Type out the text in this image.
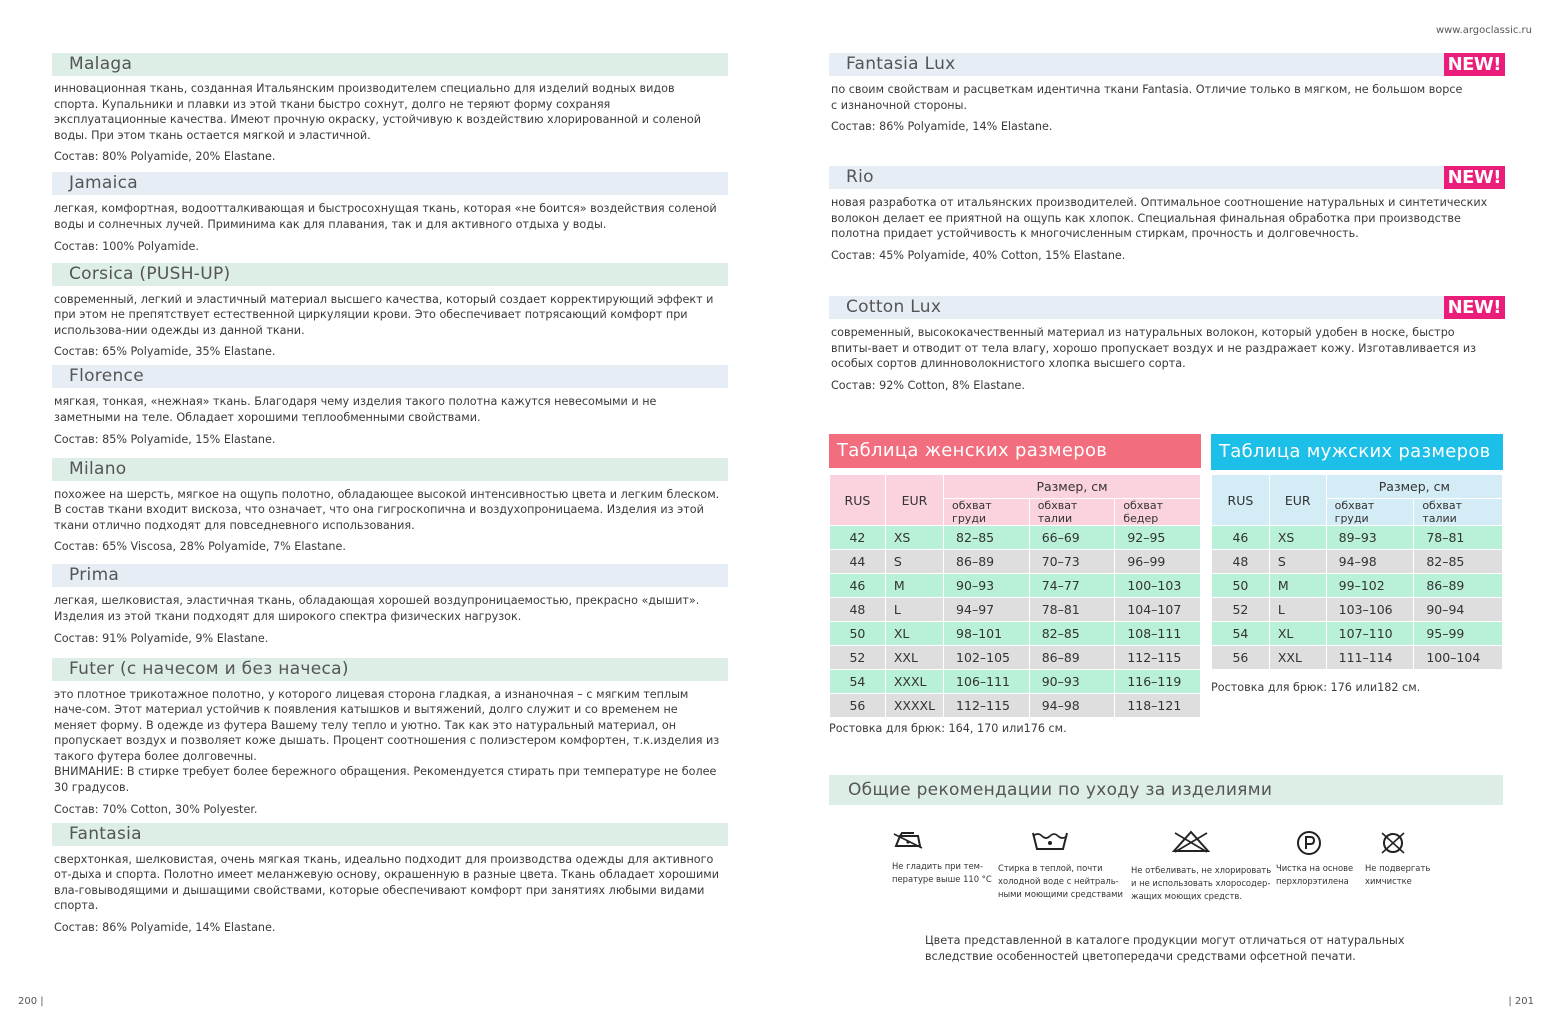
www.argoclassic.ru
200 |	| 201
Malaga
инновационная ткань, созданная Итальянским производителем специально для изделий водных видов спорта. Купальники и плавки из этой ткани быстро сохнут, долго не теряют форму сохраняя эксплуатационные качества. Имеют прочную окраску, устойчивую к воздействию хлорированной и соленой воды. При этом ткань остается мягкой и эластичной.
Состав: 80% Polyamide, 20% Elastane.
Jamaica
легкая, комфортная, водоотталкивающая и быстросохнущая ткань, которая «не боится» воздействия соленой воды и солнечных лучей. Приминима как для плавания, так и для активного отдыха у воды.
Состав: 100% Polyamide.
Corsica (PUSH-UP)
современный, легкий и эластичный материал высшего качества, который создает корректирующий эффект и при этом не препятствует естественной циркуляции крови. Это обеспечивает потрясающий комфорт при использова-нии одежды из данной ткани.
Состав: 65% Polyamide, 35% Elastane.
Florence
мягкая, тонкая, «нежная» ткань. Благодаря чему изделия такого полотна кажутся невесомыми и не заметными на теле. Обладает хорошими теплообменными свойствами.
Состав: 85% Polyamide, 15% Elastane.
Milano
похожее на шерсть, мягкое на ощупь полотно, обладающее высокой интенсивностью цвета и легким блеском. В состав ткани входит вискоза, что означает, что она гигроскопична и воздухопроницаема. Изделия из этой ткани отлично подходят для повседневного использования.
Состав: 65% Viscosa, 28% Polyamide, 7% Elastane.
Prima
легкая, шелковистая, эластичная ткань, обладающая хорошей воздупроницаемостью, прекрасно «дышит». Изделия из этой ткани подходят для широкого спектра физических нагрузок.
Состав: 91% Polyamide, 9% Elastane.
Futer (с начесом и без начеса)
это плотное трикотажное полотно, у которого лицевая сторона гладкая, а изнаночная – с мягким теплым наче-сом. Этот материал устойчив к появления катышков и вытяжений, долго служит и со временем не меняет форму. В одежде из футера Вашему телу тепло и уютно. Так как это натуральный материал, он пропускает воздух и позволяет коже дышать. Процент соотношения с полиэстером комфортен, т.к.изделия из такого футера более долговечны.
ВНИМАНИЕ: В стирке требует более бережного обращения. Рекомендуется стирать при температуре не более 30 градусов.
Состав: 70% Cotton, 30% Polyester.
Fantasia
сверхтонкая, шелковистая, очень мягкая ткань, идеально подходит для производства одежды для активного от-дыха и спорта. Полотно имеет меланжевую основу, окрашенную в разные цвета. Ткань обладает хорошими вла-говыводящими и дышащими свойствами, которые обеспечивают комфорт при занятиях любыми видами спорта.
Состав: 86% Polyamide, 14% Elastane.
Fantasia Lux	NEW!
по своим свойствам и расцветкам идентична ткани Fantasia. Отличие только в мягком, не большом ворсе с изнаночной стороны.
Состав: 86% Polyamide, 14% Elastane.
Rio	NEW!
новая разработка от итальянских производителей. Оптимальное соотношение натуральных и синтетических волокон делает ее приятной на ощупь как хлопок. Специальная финальная обработка при производстве полотна придает устойчивость к многочисленным стиркам, прочность и долговечность.
Состав: 45% Polyamide, 40% Cotton, 15% Elastane.
Cotton Lux	NEW!
современный, высококачественный материал из натуральных волокон, который удобен в носке, быстро впиты-вает и отводит от тела влагу, хорошо пропускает воздух и не раздражает кожу. Изготавливается из особых сортов длинноволокнистого хлопка высшего сорта.
Состав: 92% Cotton, 8% Elastane.
Таблица женских размеров
RUS	EUR	Размер, см		
		обхват груди	обхват талии	обхват бедер
42	XS	82–85	66–69	92–95
44	S	86–89	70–73	96–99
46	M	90–93	74–77	100–103
48	L	94–97	78–81	104–107
50	XL	98–101	82–85	108–111
52	XXL	102–105	86–89	112–115
54	XXXL	106–111	90–93	116–119
56	XXXXL	112–115	94–98	118–121
Ростовка для брюк: 164, 170 или176 см.
Таблица мужских размеров
RUS	EUR	Размер, см	
		обхват груди	обхват талии
46	XS	89–93	78–81
48	S	94–98	82–85
50	M	99–102	86–89
52	L	103–106	90–94
54	XL	107–110	95–99
56	XXL	111–114	100–104
Ростовка для брюк: 176 или182 см.
Общие рекомендации по уходу за изделиями
Не гладить при тем-
пературе выше 110 °С
Стирка в теплой, почти
холодной воде с нейтраль-
ными моющими средствами
Не отбеливать, не хлорировать
и не использовать хлоросодер-
жащих моющих средств.
Чистка на основе
перхлорэтилена
Не подвергать
химчистке
Цвета представленной в каталоге продукции могут отличаться от натуральных
вследствие особенностей цветопередачи средствами офсетной печати.
